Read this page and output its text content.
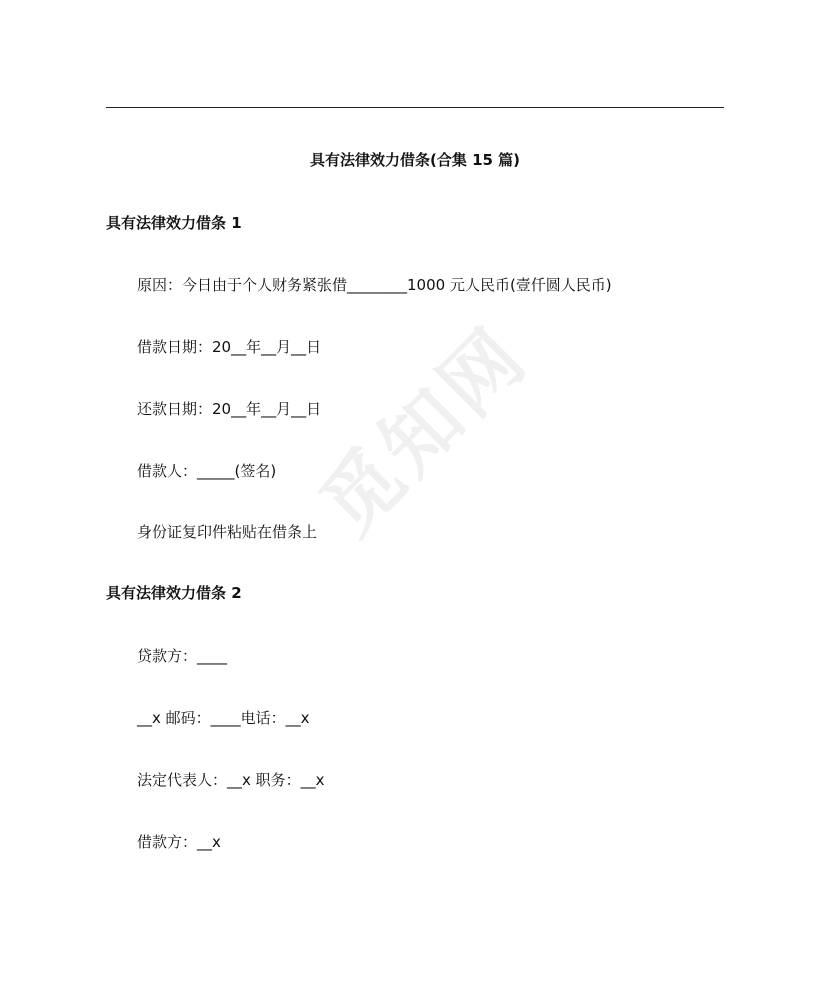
觅知网
具有法律效力借条(合集 15 篇)
具有法律效力借条 1
原因：今日由于个人财务紧张借________1000 元人民币(壹仟圆人民币)
借款日期：20__年__月__日
还款日期：20__年__月__日
借款人：_____(签名)
身份证复印件粘贴在借条上
具有法律效力借条 2
贷款方：____
__x 邮码：____电话：__x
法定代表人：__x 职务：__x
借款方：__x
